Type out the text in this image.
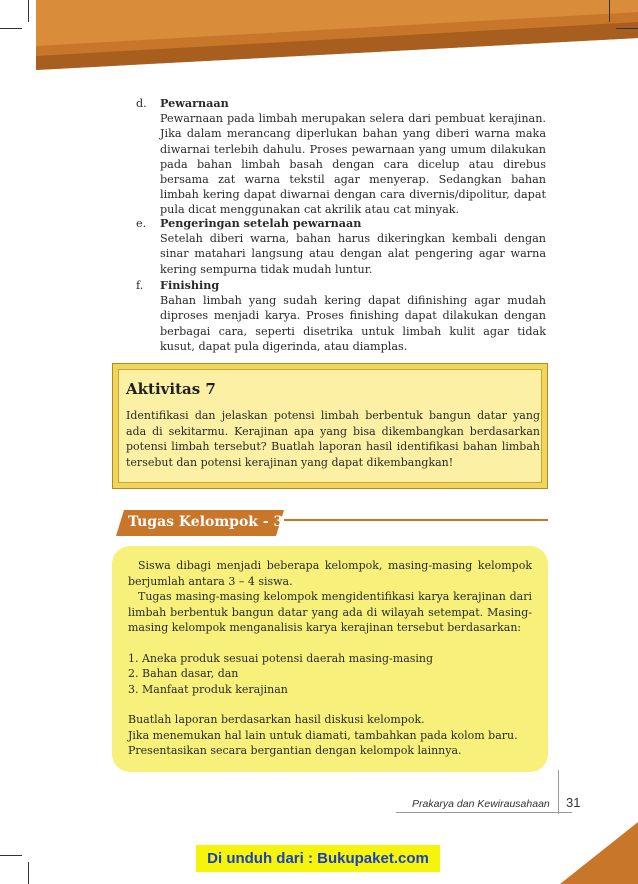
d. Pewarnaan
Pewarnaan pada limbah merupakan selera dari pembuat kerajinan. Jika dalam merancang diperlukan bahan yang diberi warna maka diwarnai terlebih dahulu. Proses pewarnaan yang umum dilakukan pada bahan limbah basah dengan cara dicelup atau direbus bersama zat warna tekstil agar menyerap. Sedangkan bahan limbah kering dapat diwarnai dengan cara divernis/dipolitur, dapat pula dicat menggunakan cat akrilik atau cat minyak.
e. Pengeringan setelah pewarnaan
Setelah diberi warna, bahan harus dikeringkan kembali dengan sinar matahari langsung atau dengan alat pengering agar warna kering sempurna tidak mudah luntur.
f. Finishing
Bahan limbah yang sudah kering dapat difinishing agar mudah diproses menjadi karya. Proses finishing dapat dilakukan dengan berbagai cara, seperti disetrika untuk limbah kulit agar tidak kusut, dapat pula digerinda, atau diamplas.
Aktivitas 7
Identifikasi dan jelaskan potensi limbah berbentuk bangun datar yang ada di sekitarmu. Kerajinan apa yang bisa dikembangkan berdasarkan potensi limbah tersebut? Buatlah laporan hasil identifikasi bahan limbah tersebut dan potensi kerajinan yang dapat dikembangkan!
Tugas Kelompok - 3

Siswa dibagi menjadi beberapa kelompok, masing-masing kelompok berjumlah antara 3 – 4 siswa.

Tugas masing-masing kelompok mengidentifikasi karya kerajinan dari limbah berbentuk bangun datar yang ada di wilayah setempat. Masing-masing kelompok menganalisis karya kerajinan tersebut berdasarkan:

1. Aneka produk sesuai potensi daerah masing-masing

2. Bahan dasar, dan

3. Manfaat produk kerajinan

Buatlah laporan berdasarkan hasil diskusi kelompok.

Jika menemukan hal lain untuk diamati, tambahkan pada kolom baru.

Presentasikan secara bergantian dengan kelompok lainnya.

Prakarya dan Kewirausahaan 31
Di unduh dari : Bukupaket.com
